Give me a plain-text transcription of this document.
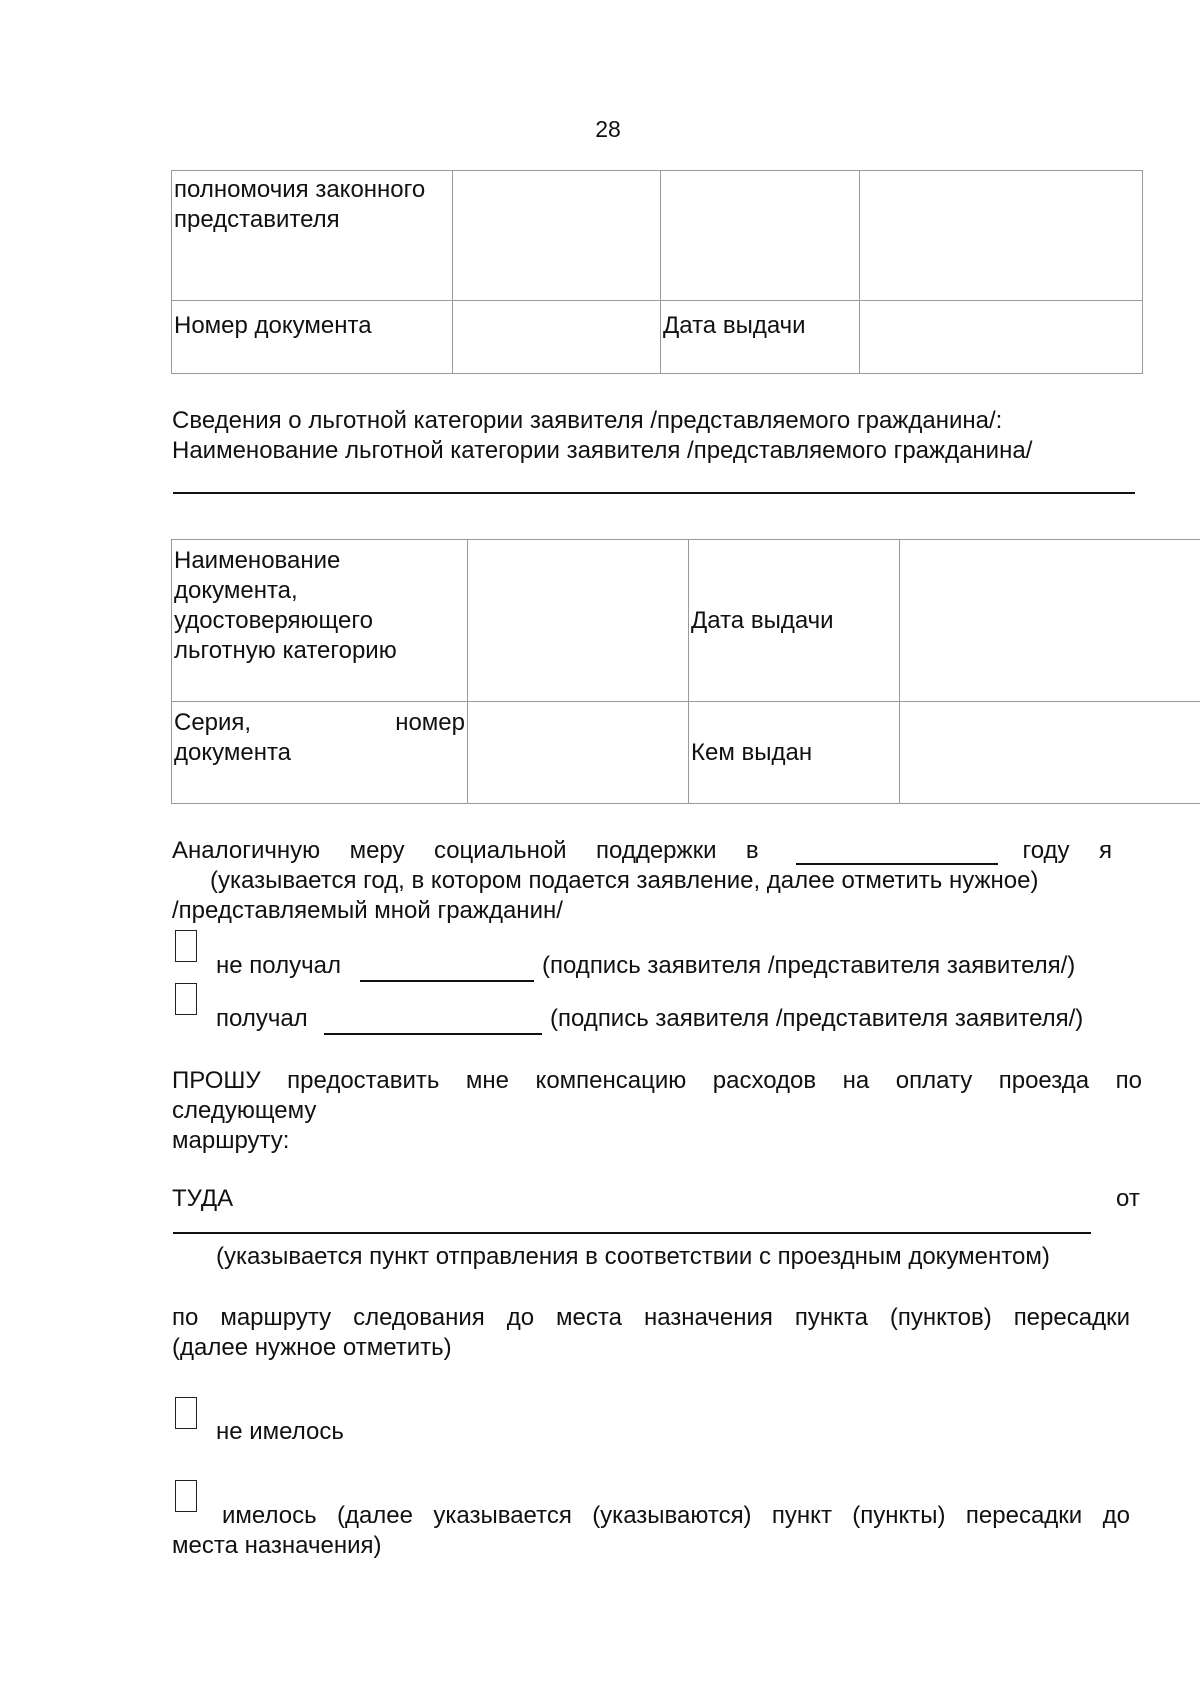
28
полномочия законного представителя			
Номер документа		Дата выдачи	
Сведения о льготной категории заявителя /представляемого гражданина/:
Наименование льготной категории заявителя /представляемого гражданина/
Наименование документа, удостоверяющего льготную категорию		Дата выдачи	

Серия, номер
документа		Кем выдан	
Аналогичную меру социальной поддержки в	году я
(указывается год, в котором подается заявление, далее отметить нужное)
/представляемый мной гражданин/
не получал	(подпись заявителя /представителя заявителя/)
получал	(подпись заявителя /представителя заявителя/)
ПРОШУ предоставить мне компенсацию расходов на оплату проезда по
следующему
маршруту:
ТУДА	от
(указывается пункт отправления в соответствии с проездным документом)
по маршруту следования до места назначения пункта (пунктов) пересадки
(далее нужное отметить)
не имелось
имелось (далее указывается (указываются) пункт (пункты) пересадки до
места назначения)
